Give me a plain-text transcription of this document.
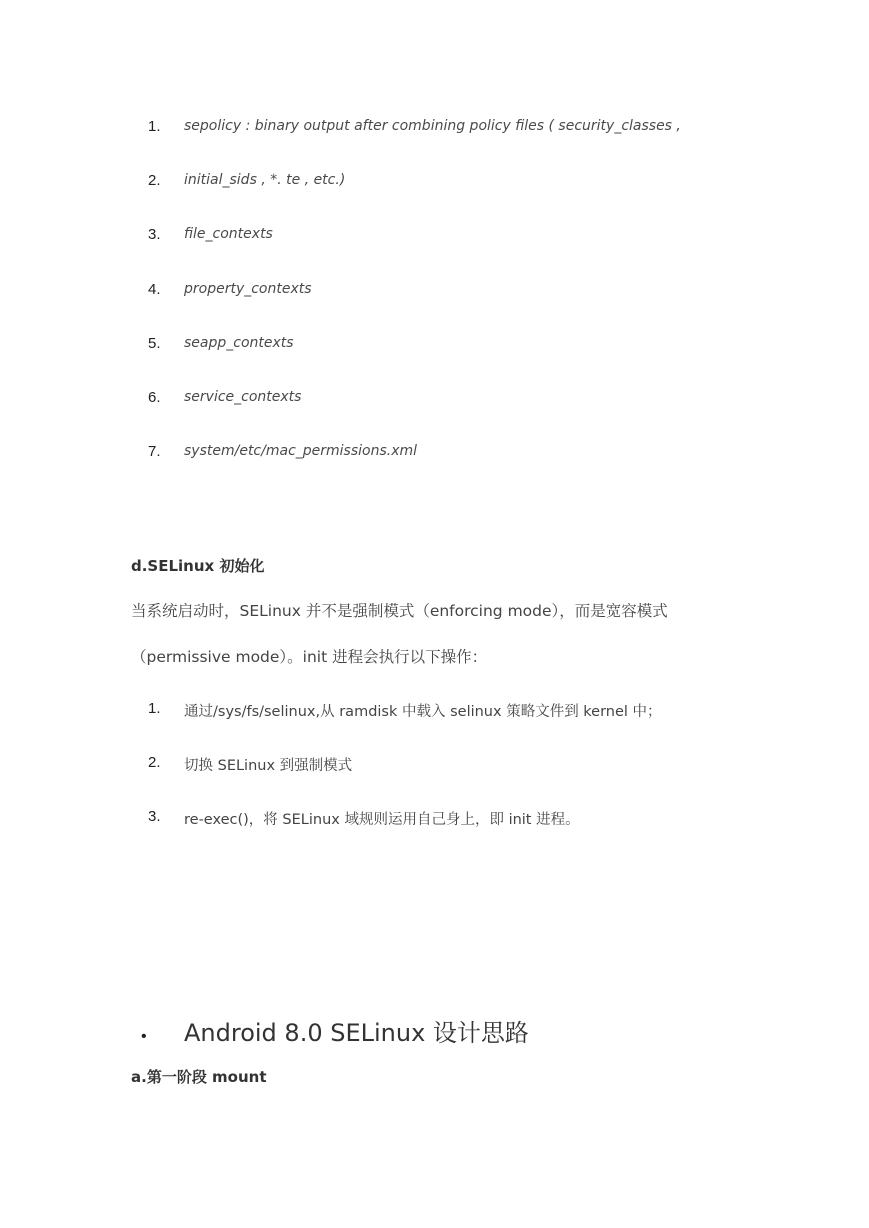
1.	sepolicy : binary output after combining policy files ( security_classes ,
2.	initial_sids , *. te , etc.)
3.	file_contexts
4.	property_contexts
5.	seapp_contexts
6.	service_contexts
7.	system/etc/mac_permissions.xml
d.SELinux 初始化
当系统启动时，SELinux 并不是强制模式（enforcing mode），而是宽容模式
（permissive mode）。init 进程会执行以下操作：
1.	通过/sys/fs/selinux,从 ramdisk 中载入 selinux 策略文件到 kernel 中；
2.	切换 SELinux 到强制模式
3.	re-exec()，将 SELinux 域规则运用自己身上，即 init 进程。
• Android 8.0 SELinux 设计思路
a.第一阶段 mount
